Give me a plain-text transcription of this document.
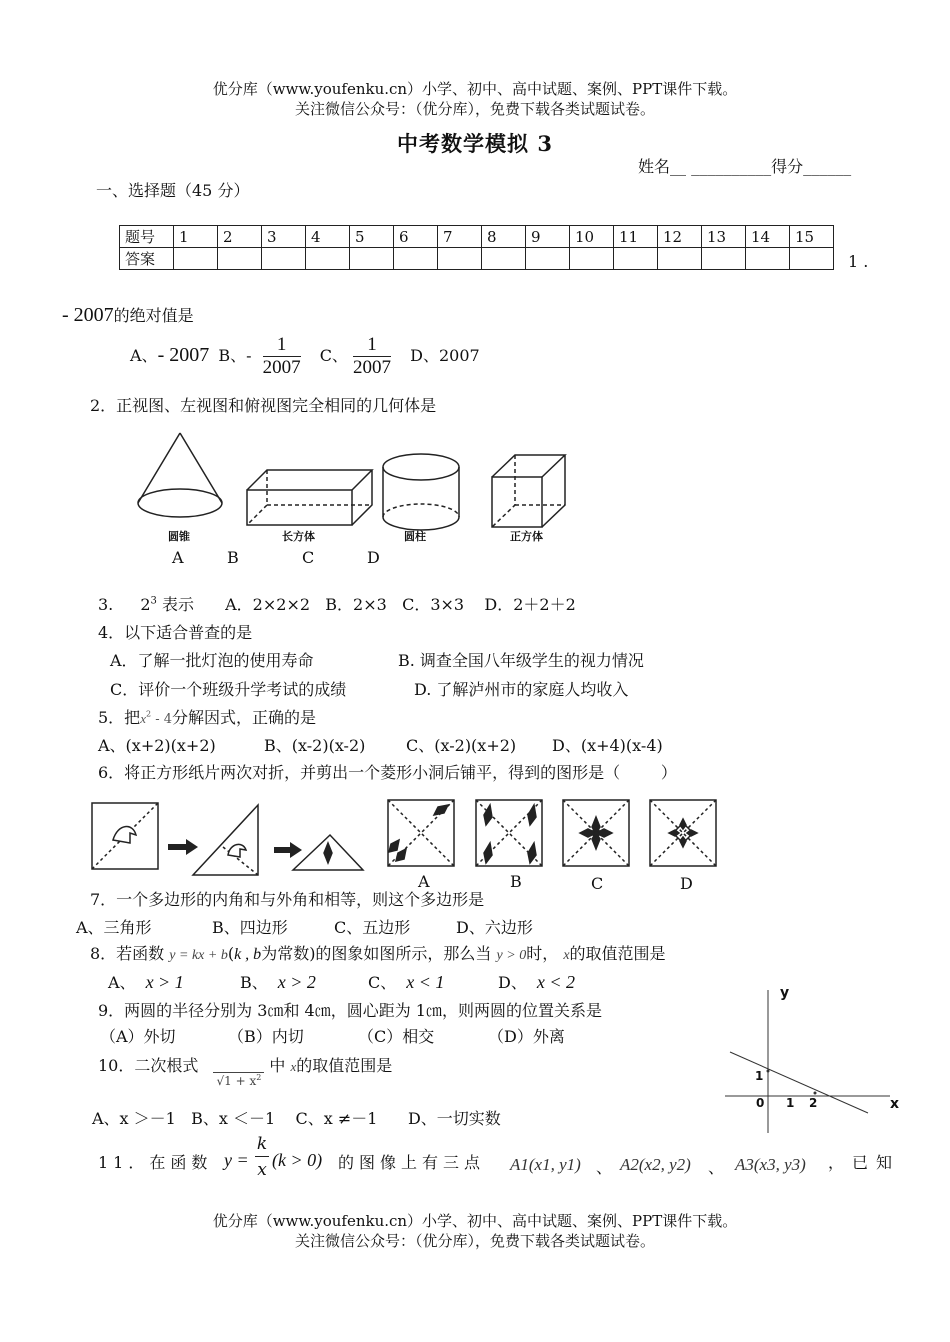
优分库（www.youfenku.cn）小学、初中、高中试题、案例、PPT课件下载。
关注微信公众号：（优分库），免费下载各类试题试卷。
中考数学模拟 3
姓名__ __________得分______
一、选择题（45 分）
题号	1	2	3	4	5	6	7	8	9	10	11	12	13	14	15
答案																1 .
- 2007的绝对值是
A、- 2007 B、- $\frac{1}{2007}$ C、 $\frac{1}{2007}$ D、2007
2．正视图、左视图和俯视图完全相同的几何体是
圆锥	长方体	圆柱	正方体
A	B	C	D
3. $2^3$ 表示 A．2×2×2   B．2×3   C．3×3    D．2＋2＋2
4．以下适合普查的是
A．了解一批灯泡的使用寿命	B. 调查全国八年级学生的视力情况
C．评价一个班级升学考试的成绩	D. 了解泸州市的家庭人均收入
5．把$x^2 - 4$分解因式，正确的是
A、(x+2)(x+2)	B、(x-2)(x-2)	C、(x-2)(x+2) D、(x+4)(x-4)
6．将正方形纸片两次对折，并剪出一个菱形小洞后铺平，得到的图形是（        ）
A	B	C	D
7．一个多边形的内角和与外角和相等，则这个多边形是
A、三角形	B、四边形	C、五边形	D、六边形
8．若函数 y = kx + b(k , b为常数)的图象如图所示，那么当 y > 0时， x的取值范围是
A、 x > 1	B、 x > 2	C、 x < 1	D、 x < 2
y
x
0 1 2
1
9．两圆的半径分别为 3㎝和 4㎝，圆心距为 1㎝，则两圆的位置关系是
（A）外切	（B）内切	（C）相交	（D）外离
10．二次根式 $√1 + x^2$ 中 x的取值范围是
A、x ＞－1   B、x ＜－1    C、x ≠－1      D、一切实数
11．在函数 y =
k
x (k > 0) 的图像上有三点 A1(x1, y1) 、 A2(x2, y2) 、 A3(x3, y3) ，已知
优分库（www.youfenku.cn）小学、初中、高中试题、案例、PPT课件下载。
关注微信公众号：（优分库），免费下载各类试题试卷。
